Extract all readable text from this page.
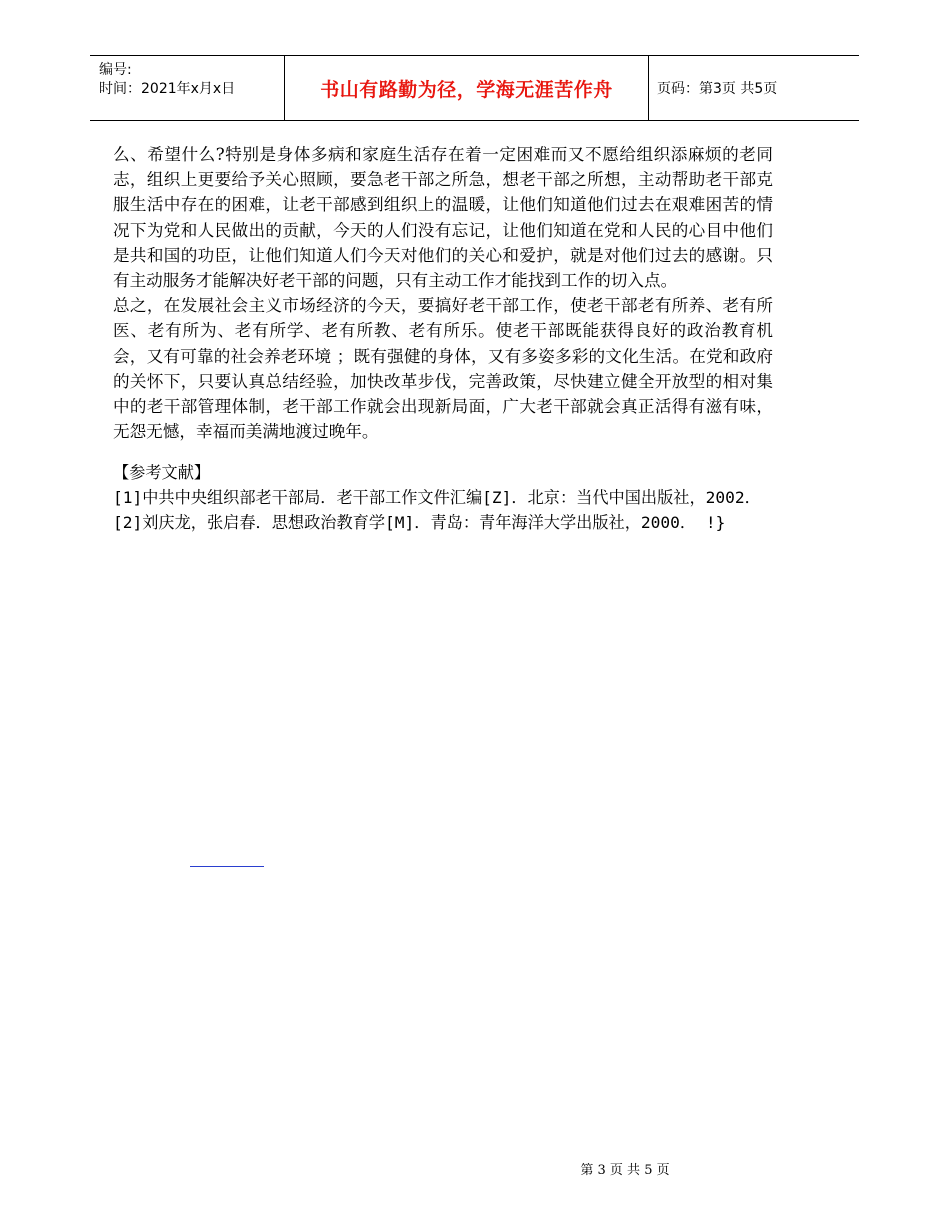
编号:
时间：2021年x月x日	书山有路勤为径，学海无涯苦作舟	页码：第3页 共5页

么、希望什么?特别是身体多病和家庭生活存在着一定困难而又不愿给组织添麻烦的老同志，组织上更要给予关心照顾，要急老干部之所急，想老干部之所想，主动帮助老干部克服生活中存在的困难，让老干部感到组织上的温暖，让他们知道他们过去在艰难困苦的情况下为党和人民做出的贡献，今天的人们没有忘记，让他们知道在党和人民的心目中他们是共和国的功臣，让他们知道人们今天对他们的关心和爱护，就是对他们过去的感谢。只有主动服务才能解决好老干部的问题，只有主动工作才能找到工作的切入点。

总之，在发展社会主义市场经济的今天，要搞好老干部工作，使老干部老有所养、老有所医、老有所为、老有所学、老有所教、老有所乐。使老干部既能获得良好的政治教育机会，又有可靠的社会养老环境 ；既有强健的身体，又有多姿多彩的文化生活。在党和政府的关怀下，只要认真总结经验，加快改革步伐，完善政策，尽快建立健全开放型的相对集中的老干部管理体制，老干部工作就会出现新局面，广大老干部就会真正活得有滋有味，无怨无憾，幸福而美满地渡过晚年。

【参考文献】

[1]中共中央组织部老干部局．老干部工作文件汇编[Z]．北京：当代中国出版社，2002．

[2]刘庆龙，张启春．思想政治教育学[M]．青岛：青年海洋大学出版社，2000． !}

第 3 页 共 5 页
